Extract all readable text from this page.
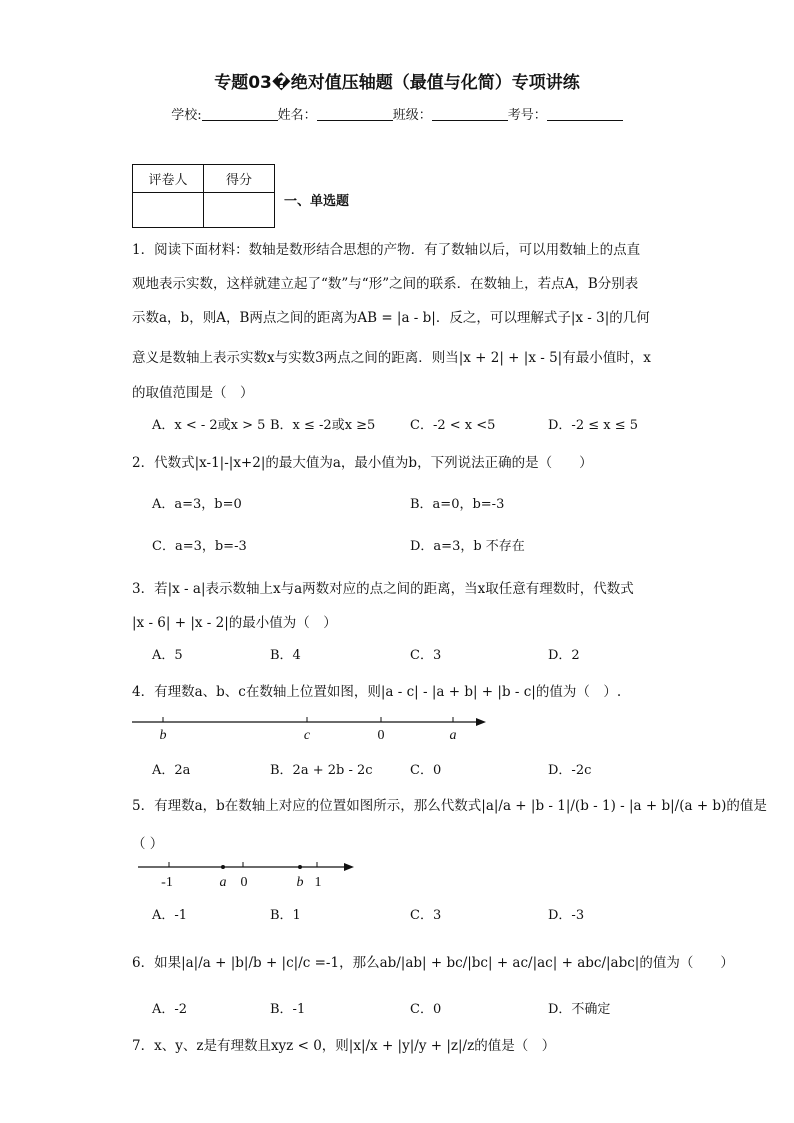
专题03�绝对值压轴题（最值与化简）专项讲练
学校:	姓名：	班级：	考号：
评卷人	得分

一、单选题
1．阅读下面材料：数轴是数形结合思想的产物．有了数轴以后，可以用数轴上的点直
观地表示实数，这样就建立起了“数”与“形”之间的联系．在数轴上，若点A，B分别表
示数a，b，则A，B两点之间的距离为AB = |a - b|．反之，可以理解式子|x - 3|的几何
意义是数轴上表示实数x与实数3两点之间的距离．则当|x + 2| + |x - 5|有最小值时，x
的取值范围是（　）
A．x < - 2或x > 5 B．x ≤ -2或x ≥5	C．-2 < x <5	D．-2 ≤ x ≤ 5
2．代数式|x-1|-|x+2|的最大值为a，最小值为b，下列说法正确的是（　　）
A．a=3，b=0	B．a=0，b=-3
C．a=3，b=-3	D．a=3，b 不存在
3．若|x - a|表示数轴上x与a两数对应的点之间的距离，当x取任意有理数时，代数式
|x - 6| + |x - 2|的最小值为（　）
A．5	B．4	C．3	D．2
4．有理数a、b、c在数轴上位置如图，则|a - c| - |a + b| + |b - c|的值为（　）.
b	c	0	a
A．2a	B．2a + 2b - 2c	C．0	D．-2c
5．有理数a，b在数轴上对应的位置如图所示，那么代数式|a|/a + |b - 1|/(b - 1) - |a + b|/(a + b)的值是
（ ）
-1	a 0	b 1
A．-1	B．1	C．3	D．-3
6．如果|a|/a + |b|/b + |c|/c =-1，那么ab/|ab| + bc/|bc| + ac/|ac| + abc/|abc|的值为（　　）
A．-2	B．-1	C．0	D．不确定
7．x、y、z是有理数且xyz < 0，则|x|/x + |y|/y + |z|/z的值是（　）
